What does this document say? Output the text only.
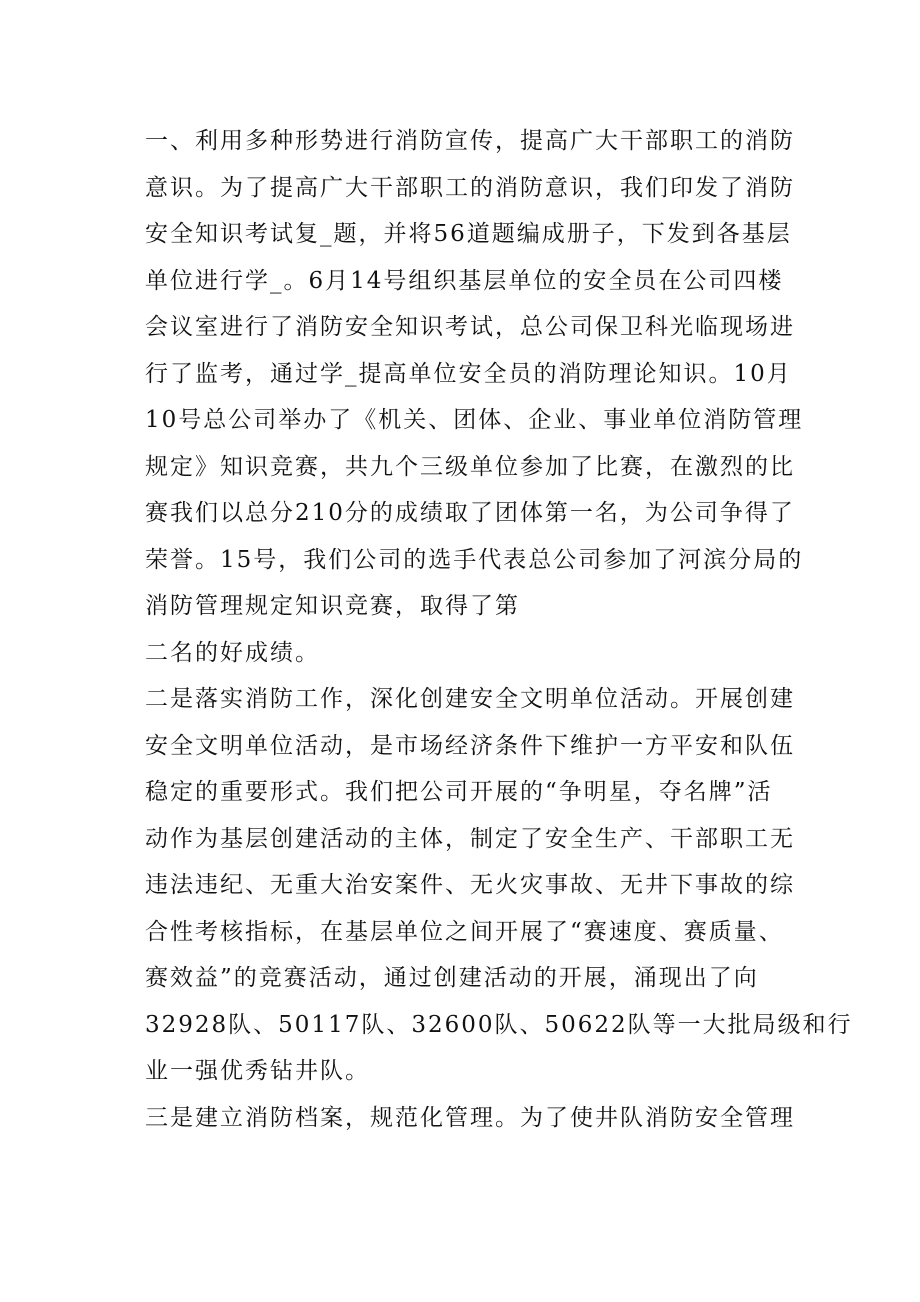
一、利用多种形势进行消防宣传，提高广大干部职工的消防
意识。为了提高广大干部职工的消防意识，我们印发了消防
安全知识考试复_题，并将56道题编成册子，下发到各基层
单位进行学_。6月14号组织基层单位的安全员在公司四楼
会议室进行了消防安全知识考试，总公司保卫科光临现场进
行了监考，通过学_提高单位安全员的消防理论知识。10月
10号总公司举办了《机关、团体、企业、事业单位消防管理
规定》知识竞赛，共九个三级单位参加了比赛，在激烈的比
赛我们以总分210分的成绩取了团体第一名，为公司争得了
荣誉。15号，我们公司的选手代表总公司参加了河滨分局的
消防管理规定知识竞赛，取得了第
二名的好成绩。
二是落实消防工作，深化创建安全文明单位活动。开展创建
安全文明单位活动，是市场经济条件下维护一方平安和队伍
稳定的重要形式。我们把公司开展的“争明星，夺名牌”活
动作为基层创建活动的主体，制定了安全生产、干部职工无
违法违纪、无重大治安案件、无火灾事故、无井下事故的综
合性考核指标，在基层单位之间开展了“赛速度、赛质量、
赛效益”的竞赛活动，通过创建活动的开展，涌现出了向
32928队、50117队、32600队、50622队等一大批局级和行
业一强优秀钻井队。
三是建立消防档案，规范化管理。为了使井队消防安全管理
